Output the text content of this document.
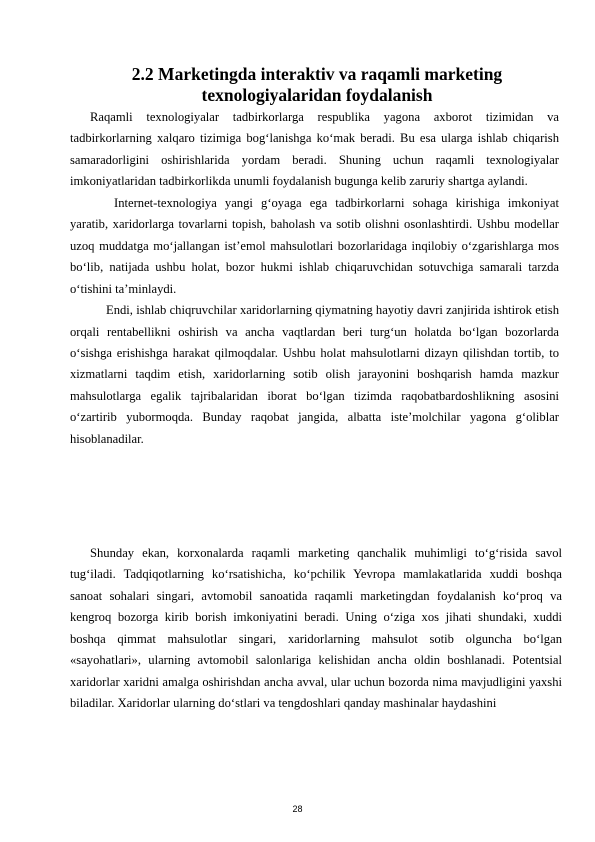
2.2 Marketingda interaktiv va raqamli marketing texnologiyalaridan foydalanish

Raqamli texnologiyalar tadbirkorlarga respublika yagona axborot tizimidan va tadbirkorlarning xalqaro tizimiga bog‘lanishga ko‘mak beradi. Bu esa ularga ishlab chiqarish samaradorligini oshirishlarida yordam beradi. Shuning uchun raqamli texnologiyalar imkoniyatlaridan tadbirkorlikda unumli foydalanish bugunga kelib zaruriy shartga aylandi.

Internet-texnologiya yangi g‘oyaga ega tadbirkorlarni sohaga kirishiga imkoniyat yaratib, xaridorlarga tovarlarni topish, baholash va sotib olishni osonlashtirdi. Ushbu modellar uzoq muddatga mo‘jallangan ist’emol mahsulotlari bozorlaridaga inqilobiy o‘zgarishlarga mos bo‘lib, natijada ushbu holat, bozor hukmi ishlab chiqaruvchidan sotuvchiga samarali tarzda o‘tishini ta’minlaydi.

Endi, ishlab chiqruvchilar xaridorlarning qiymatning hayotiy davri zanjirida ishtirok etish orqali rentabellikni oshirish va ancha vaqtlardan beri turg‘un holatda bo‘lgan bozorlarda o‘sishga erishishga harakat qilmoqdalar. Ushbu holat mahsulotlarni dizayn qilishdan tortib, to xizmatlarni taqdim etish, xaridorlarning sotib olish jarayonini boshqarish hamda mazkur mahsulotlarga egalik tajribalaridan iborat bo‘lgan tizimda raqobatbardoshlikning asosini o‘zartirib yubormoqda. Bunday raqobat jangida, albatta iste’molchilar yagona g‘oliblar hisoblanadilar.

Shunday ekan, korxonalarda raqamli marketing qanchalik muhimligi to‘g‘risida savol tug‘iladi. Tadqiqotlarning ko‘rsatishicha, ko‘pchilik Yevropa mamlakatlarida xuddi boshqa sanoat sohalari singari, avtomobil sanoatida raqamli marketingdan foydalanish ko‘proq va kengroq bozorga kirib borish imkoniyatini beradi. Uning o‘ziga xos jihati shundaki, xuddi boshqa qimmat mahsulotlar singari, xaridorlarning mahsulot sotib olguncha bo‘lgan «sayohatlari», ularning avtomobil salonlariga kelishidan ancha oldin boshlanadi. Potentsial xaridorlar xaridni amalga oshirishdan ancha avval, ular uchun bozorda nima mavjudligini yaxshi biladilar. Xaridorlar ularning do‘stlari va tengdoshlari qanday mashinalar haydashini

28
